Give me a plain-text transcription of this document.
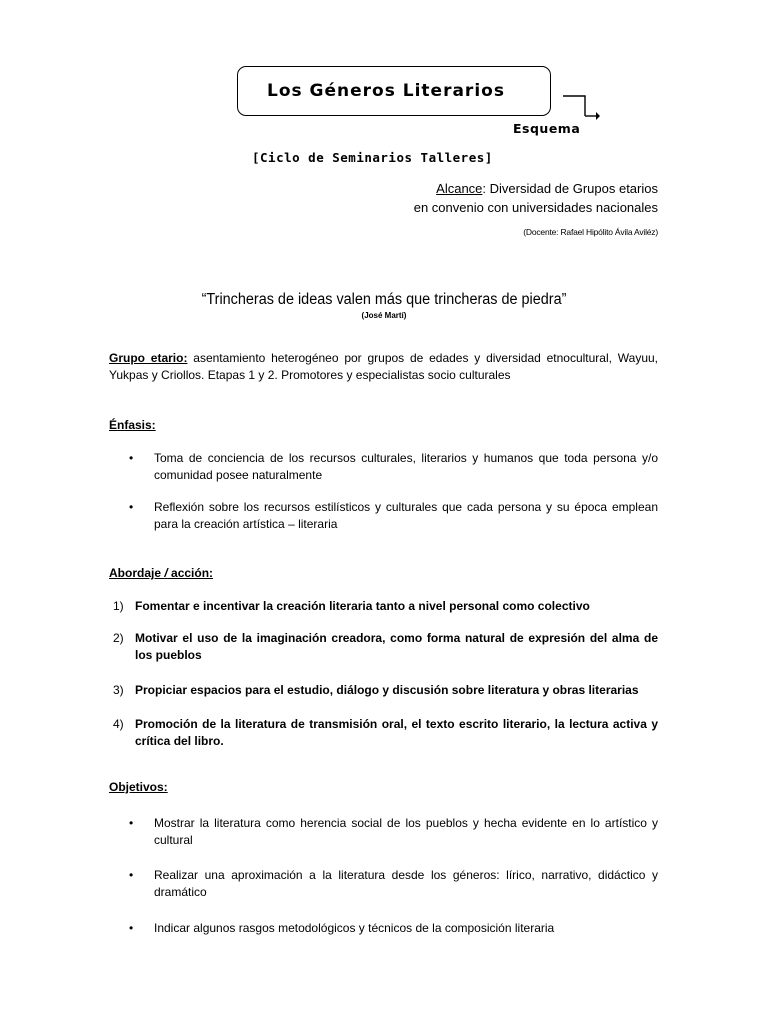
Los Géneros Literarios
Esquema
[Ciclo de Seminarios Talleres]
Alcance: Diversidad de Grupos etarios
en convenio con universidades nacionales
(Docente: Rafael Hipólito Ávila Aviléz)
“Trincheras de ideas valen más que trincheras de piedra”
(José Martí)
Grupo etario: asentamiento heterogéneo por grupos de edades y diversidad etnocultural, Wayuu, Yukpas y Criollos. Etapas 1 y 2. Promotores y especialistas socio culturales
Énfasis:
• Toma de conciencia de los recursos culturales, literarios y humanos que toda persona y/o comunidad posee naturalmente
• Reflexión sobre los recursos estilísticos y culturales que cada persona y su época emplean para la creación artística – literaria
Abordaje / acción:
1) Fomentar e incentivar la creación literaria tanto a nivel personal como colectivo
2) Motivar el uso de la imaginación creadora, como forma natural de expresión del alma de los pueblos
3) Propiciar espacios para el estudio, diálogo y discusión sobre literatura y obras literarias
4) Promoción de la literatura de transmisión oral, el texto escrito literario, la lectura activa y crítica del libro.
Objetivos:
• Mostrar la literatura como herencia social de los pueblos y hecha evidente en lo artístico y cultural
• Realizar una aproximación a la literatura desde los géneros: lírico, narrativo, didáctico y dramático
• Indicar algunos rasgos metodológicos y técnicos de la composición literaria
